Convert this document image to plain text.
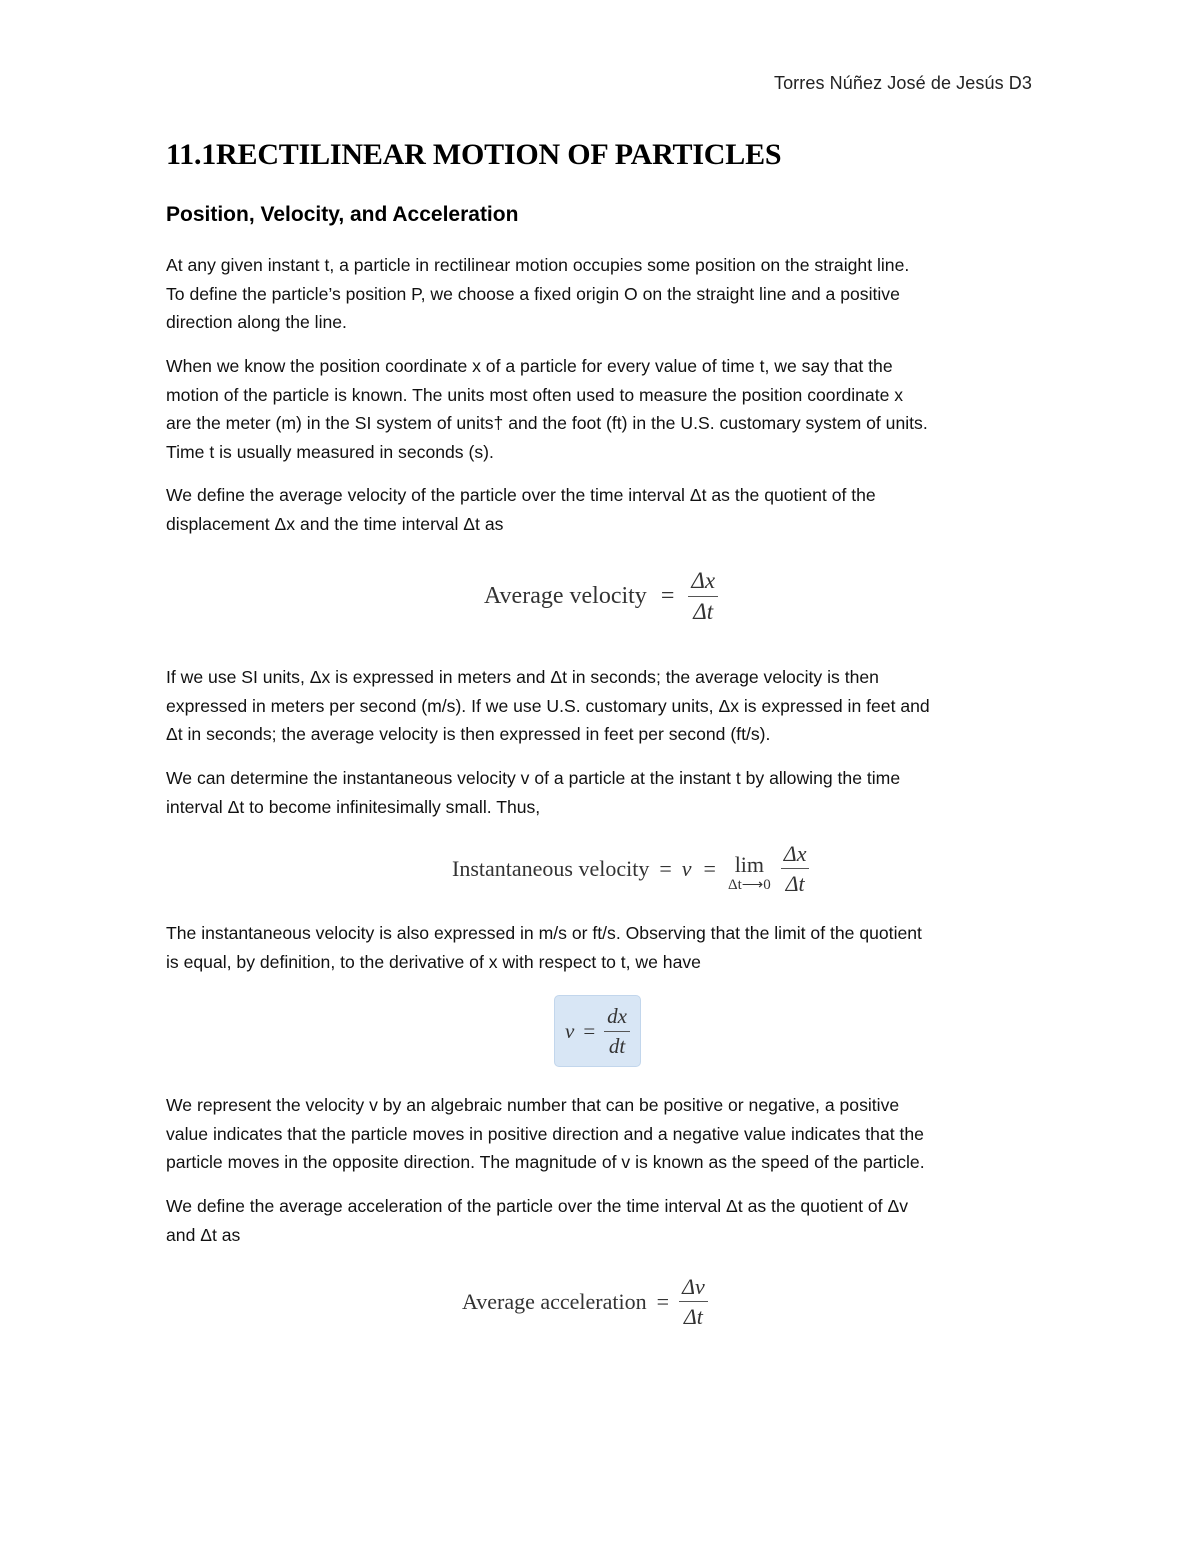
Torres Núñez José de Jesús D3
11.1RECTILINEAR MOTION OF PARTICLES
Position, Velocity, and Acceleration

At any given instant t, a particle in rectilinear motion occupies some position on the straight line.
To define the particle’s position P, we choose a fixed origin O on the straight line and a positive
direction along the line.

When we know the position coordinate x of a particle for every value of time t, we say that the
motion of the particle is known. The units most often used to measure the position coordinate x
are the meter (m) in the SI system of units† and the foot (ft) in the U.S. customary system of units.
Time t is usually measured in seconds (s).

We define the average velocity of the particle over the time interval Δt as the quotient of the
displacement Δx and the time interval Δt as

Average velocity = $\frac{\Delta x}{\Delta t}$

If we use SI units, Δx is expressed in meters and Δt in seconds; the average velocity is then
expressed in meters per second (m/s). If we use U.S. customary units, Δx is expressed in feet and
Δt in seconds; the average velocity is then expressed in feet per second (ft/s).

We can determine the instantaneous velocity v of a particle at the instant t by allowing the time
interval Δt to become infinitesimally small. Thus,

Instantaneous velocity = v = lim
Δt⟶0 $\frac{\Delta x}{\Delta t}$

The instantaneous velocity is also expressed in m/s or ft/s. Observing that the limit of the quotient
is equal, by definition, to the derivative of x with respect to t, we have

$v = \frac{dx}{dt}$

We represent the velocity v by an algebraic number that can be positive or negative, a positive
value indicates that the particle moves in positive direction and a negative value indicates that the
particle moves in the opposite direction. The magnitude of v is known as the speed of the particle.

We define the average acceleration of the particle over the time interval Δt as the quotient of Δv
and Δt as

Average acceleration = $\frac{\Delta v}{\Delta t}$
